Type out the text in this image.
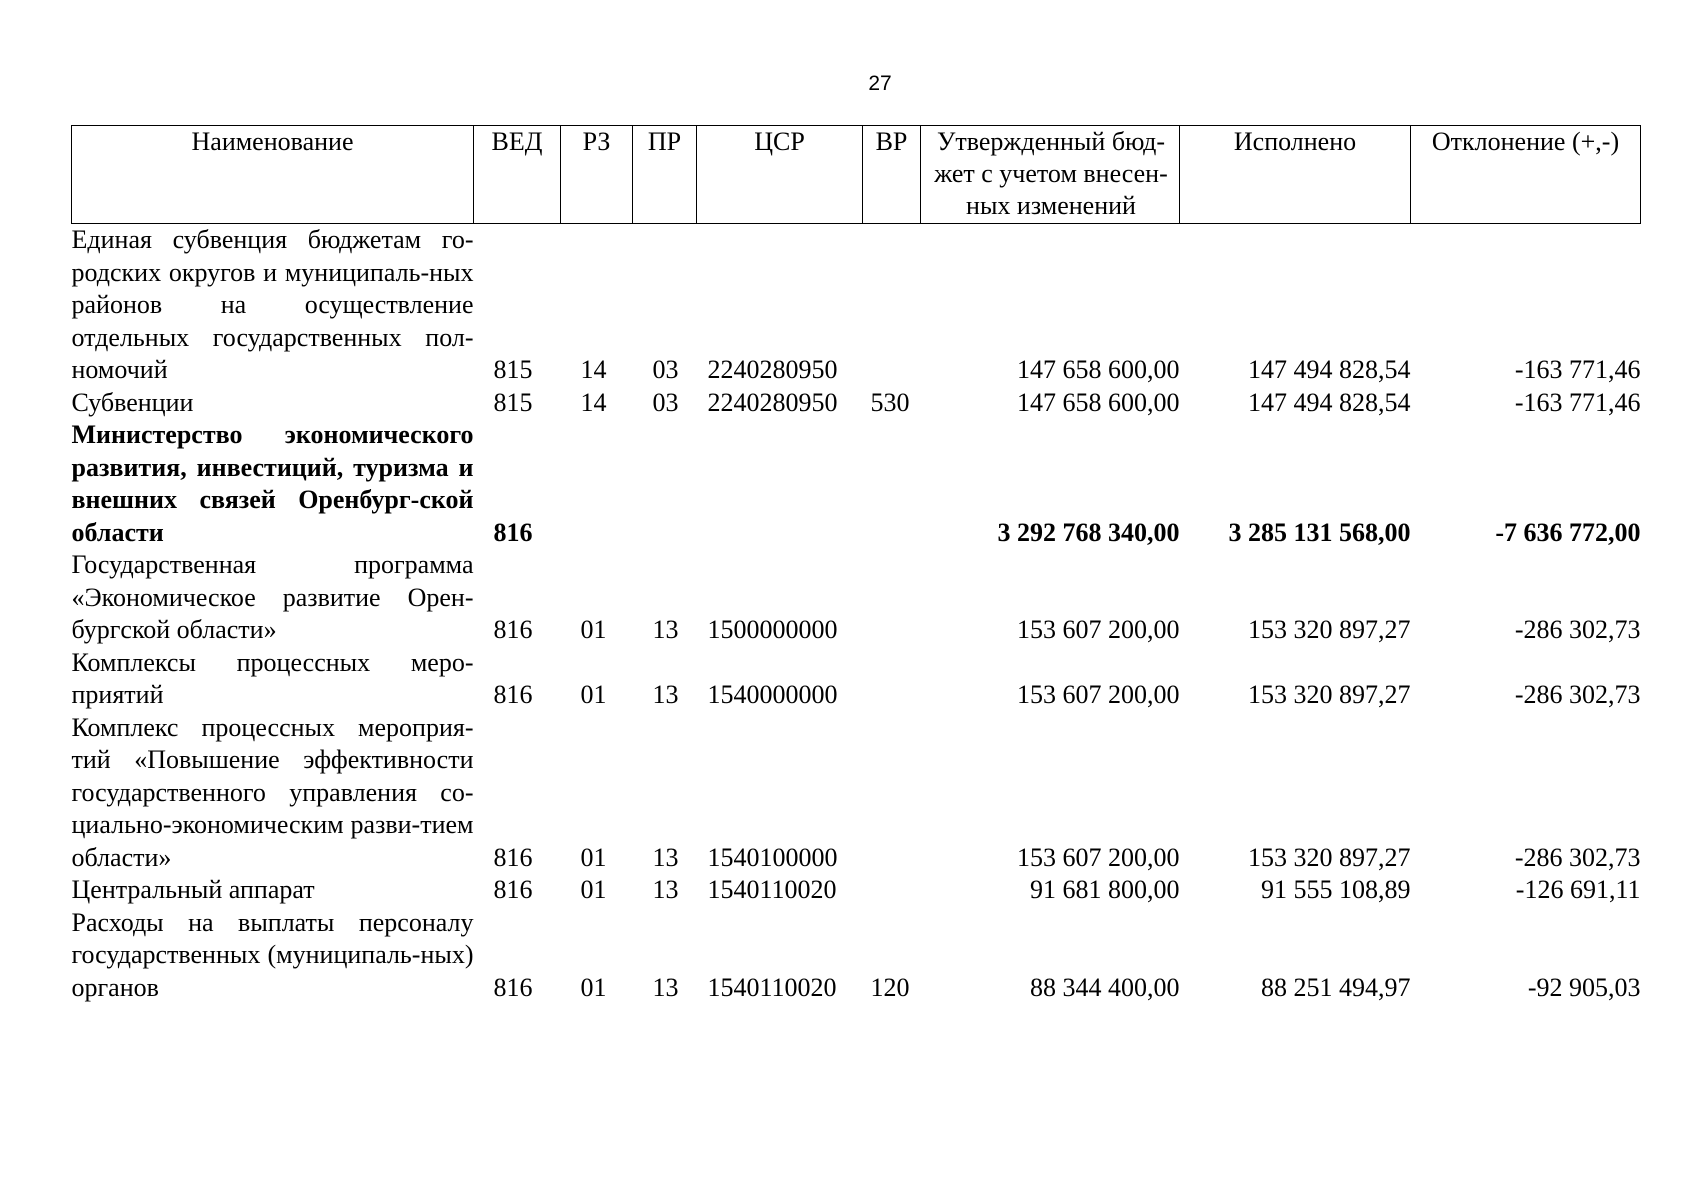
27
Наименование	ВЕД	РЗ	ПР	ЦСР	ВР	Утвержденный бюд-жет с учетом внесен-ных изменений	Исполнено	Отклонение (+,-)
Единая субвенция бюджетам го-родских округов и муниципаль-ных районов на осуществление отдельных государственных пол-номочий	815	14	03	2240280950		147 658 600,00	147 494 828,54	-163 771,46
Субвенции	815	14	03	2240280950	530	147 658 600,00	147 494 828,54	-163 771,46
Министерство экономического развития, инвестиций, туризма и внешних связей Оренбург-ской области	816					3 292 768 340,00	3 285 131 568,00	-7 636 772,00
Государственная программа «Экономическое развитие Орен-бургской области»	816	01	13	1500000000		153 607 200,00	153 320 897,27	-286 302,73
Комплексы процессных меро-приятий	816	01	13	1540000000		153 607 200,00	153 320 897,27	-286 302,73
Комплекс процессных мероприя-тий «Повышение эффективности государственного управления со-циально-экономическим разви-тием области»	816	01	13	1540100000		153 607 200,00	153 320 897,27	-286 302,73
Центральный аппарат	816	01	13	1540110020		91 681 800,00	91 555 108,89	-126 691,11
Расходы на выплаты персоналу государственных (муниципаль-ных) органов	816	01	13	1540110020	120	88 344 400,00	88 251 494,97	-92 905,03
